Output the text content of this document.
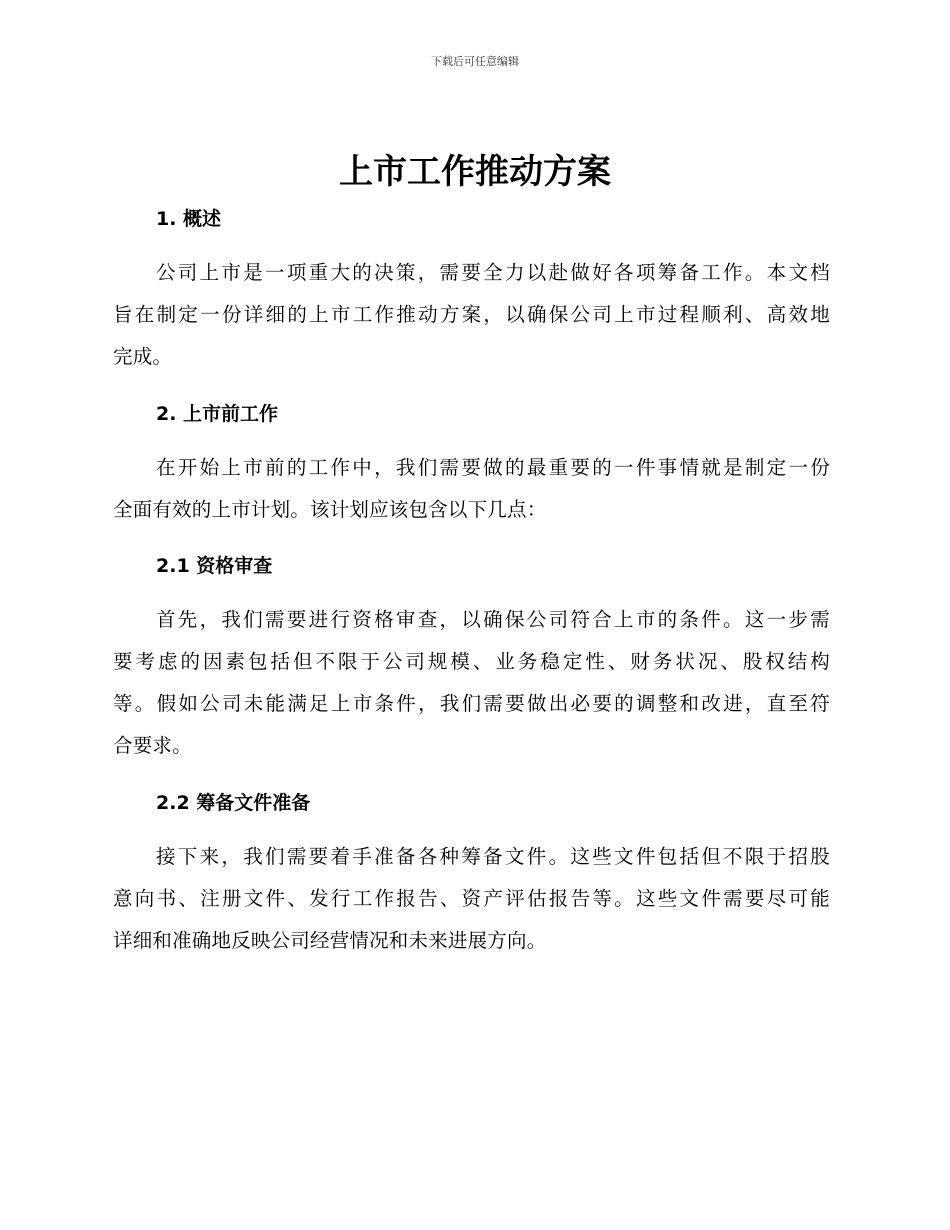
下载后可任意编辑
上市工作推动方案
1. 概述
公司上市是一项重大的决策，需要全力以赴做好各项筹备工作。本文档
旨在制定一份详细的上市工作推动方案，以确保公司上市过程顺利、高效地
完成。
2. 上市前工作
在开始上市前的工作中，我们需要做的最重要的一件事情就是制定一份
全面有效的上市计划。该计划应该包含以下几点：
2.1 资格审查
首先，我们需要进行资格审查，以确保公司符合上市的条件。这一步需
要考虑的因素包括但不限于公司规模、业务稳定性、财务状况、股权结构
等。假如公司未能满足上市条件，我们需要做出必要的调整和改进，直至符
合要求。
2.2 筹备文件准备
接下来，我们需要着手准备各种筹备文件。这些文件包括但不限于招股
意向书、注册文件、发行工作报告、资产评估报告等。这些文件需要尽可能
详细和准确地反映公司经营情况和未来进展方向。
